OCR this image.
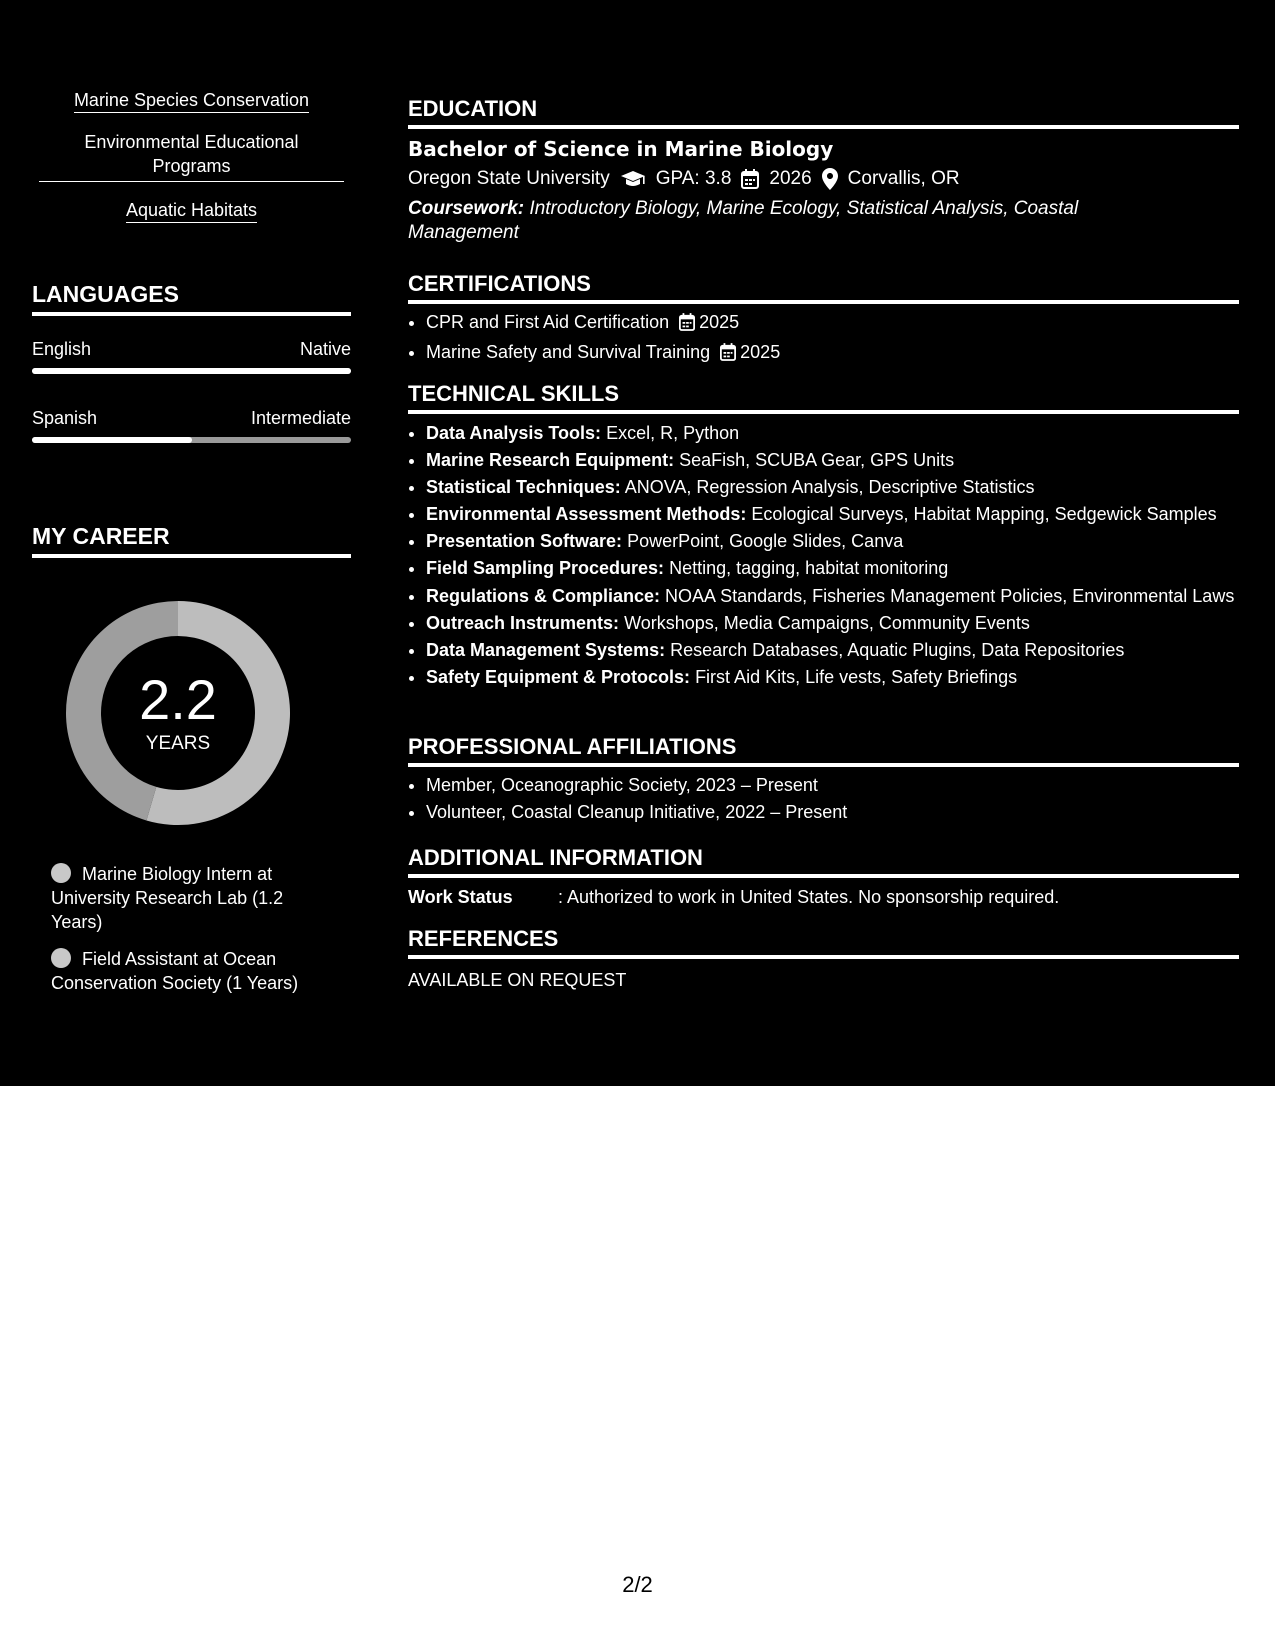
Marine Species Conservation
Environmental Educational Programs
Aquatic Habitats
LANGUAGES
English	Native
Spanish	Intermediate
MY CAREER
2.2
YEARS
Marine Biology Intern at University Research Lab (1.2 Years)
Field Assistant at Ocean Conservation Society (1 Years)
EDUCATION
Bachelor of Science in Marine Biology
Oregon State University GPA: 3.8 2026 Corvallis, OR
Coursework: Introductory Biology, Marine Ecology, Statistical Analysis, Coastal Management
CERTIFICATIONS
• CPR and First Aid Certification 2025
• Marine Safety and Survival Training 2025
TECHNICAL SKILLS
• Data Analysis Tools: Excel, R, Python
• Marine Research Equipment: SeaFish, SCUBA Gear, GPS Units
• Statistical Techniques: ANOVA, Regression Analysis, Descriptive Statistics
• Environmental Assessment Methods: Ecological Surveys, Habitat Mapping, Sedgewick Samples
• Presentation Software: PowerPoint, Google Slides, Canva
• Field Sampling Procedures: Netting, tagging, habitat monitoring
• Regulations & Compliance: NOAA Standards, Fisheries Management Policies, Environmental Laws
• Outreach Instruments: Workshops, Media Campaigns, Community Events
• Data Management Systems: Research Databases, Aquatic Plugins, Data Repositories
• Safety Equipment & Protocols: First Aid Kits, Life vests, Safety Briefings
PROFESSIONAL AFFILIATIONS
• Member, Oceanographic Society, 2023 – Present
• Volunteer, Coastal Cleanup Initiative, 2022 – Present
ADDITIONAL INFORMATION
Work Status	: Authorized to work in United States. No sponsorship required.
REFERENCES
AVAILABLE ON REQUEST
2/2
